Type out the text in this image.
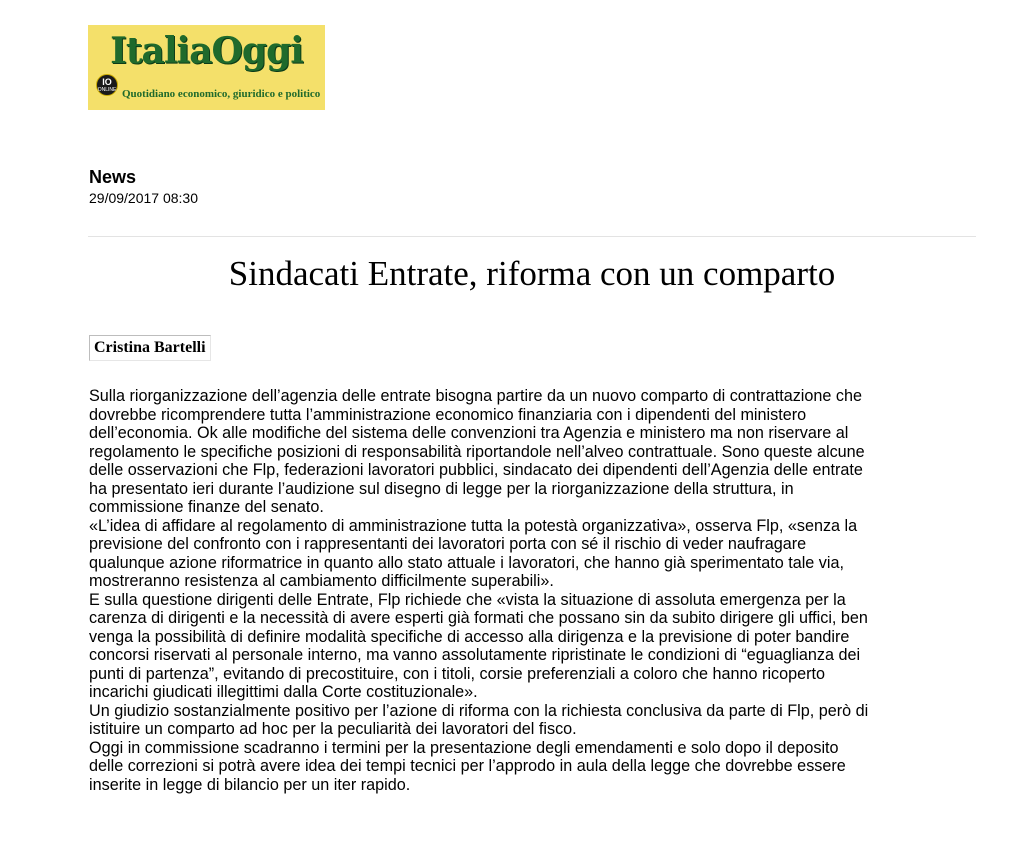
ItaliaOggi
IO
ONLINE Quotidiano economico, giuridico e politico
News
29/09/2017 08:30
Sindacati Entrate, riforma con un comparto
Cristina Bartelli
Sulla riorganizzazione dell’agenzia delle entrate bisogna partire da un nuovo comparto di contrattazione che
dovrebbe ricomprendere tutta l’amministrazione economico finanziaria con i dipendenti del ministero
dell’economia. Ok alle modifiche del sistema delle convenzioni tra Agenzia e ministero ma non riservare al
regolamento le specifiche posizioni di responsabilità riportandole nell’alveo contrattuale. Sono queste alcune
delle osservazioni che Flp, federazioni lavoratori pubblici, sindacato dei dipendenti dell’Agenzia delle entrate
ha presentato ieri durante l’audizione sul disegno di legge per la riorganizzazione della struttura, in
commissione finanze del senato.
«L’idea di affidare al regolamento di amministrazione tutta la potestà organizzativa», osserva Flp, «senza la
previsione del confronto con i rappresentanti dei lavoratori porta con sé il rischio di veder naufragare
qualunque azione riformatrice in quanto allo stato attuale i lavoratori, che hanno già sperimentato tale via,
mostreranno resistenza al cambiamento difficilmente superabili».
E sulla questione dirigenti delle Entrate, Flp richiede che «vista la situazione di assoluta emergenza per la
carenza di dirigenti e la necessità di avere esperti già formati che possano sin da subito dirigere gli uffici, ben
venga la possibilità di definire modalità specifiche di accesso alla dirigenza e la previsione di poter bandire
concorsi riservati al personale interno, ma vanno assolutamente ripristinate le condizioni di “eguaglianza dei
punti di partenza”, evitando di precostituire, con i titoli, corsie preferenziali a coloro che hanno ricoperto
incarichi giudicati illegittimi dalla Corte costituzionale».
Un giudizio sostanzialmente positivo per l’azione di riforma con la richiesta conclusiva da parte di Flp, però di
istituire un comparto ad hoc per la peculiarità dei lavoratori del fisco.
Oggi in commissione scadranno i termini per la presentazione degli emendamenti e solo dopo il deposito
delle correzioni si potrà avere idea dei tempi tecnici per l’approdo in aula della legge che dovrebbe essere
inserite in legge di bilancio per un iter rapido.
